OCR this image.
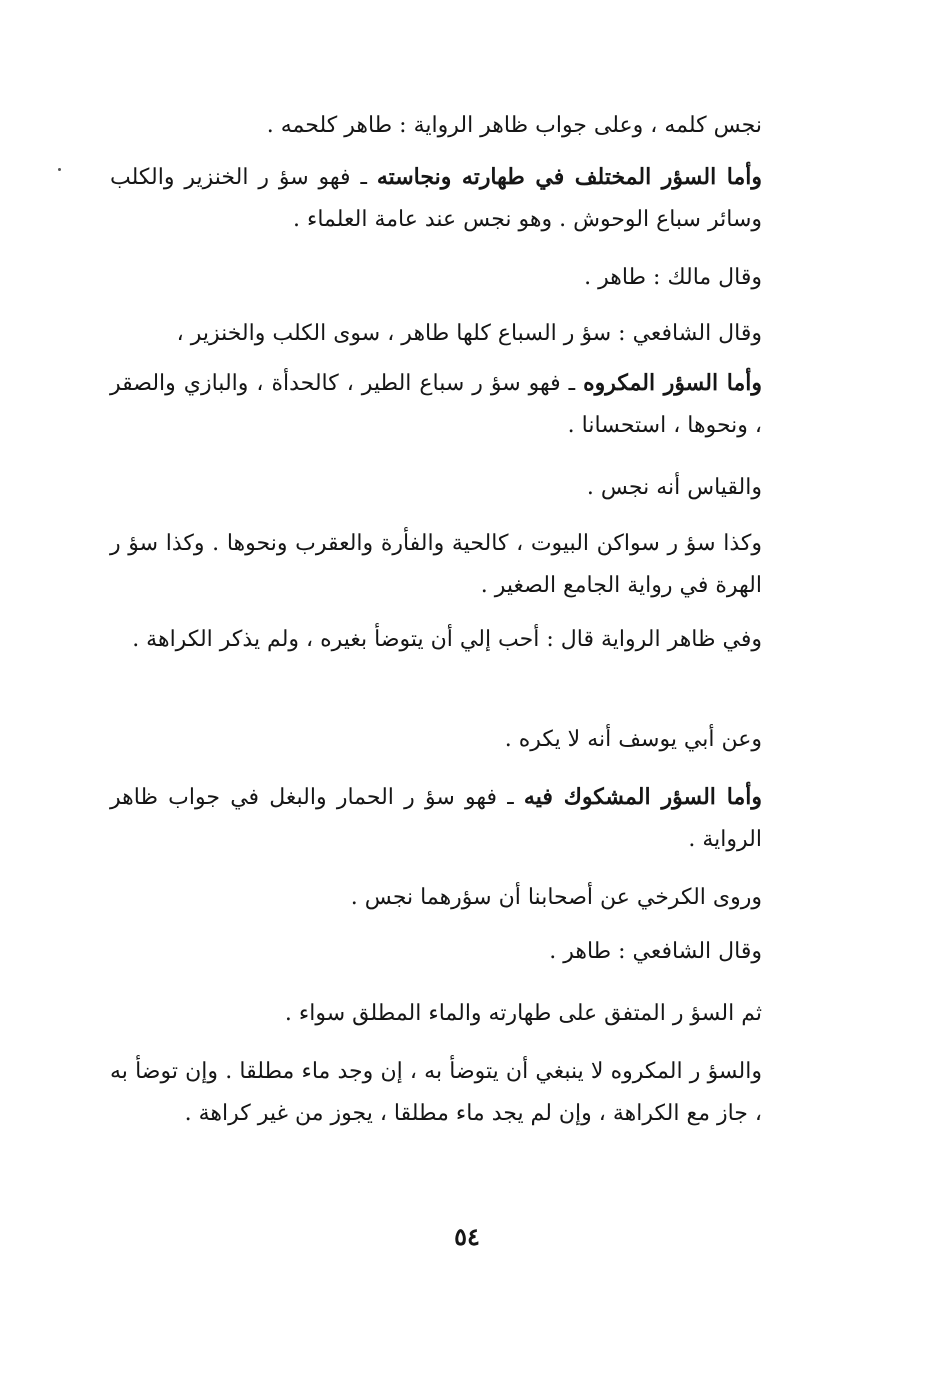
نجس كلمه ، وعلى جواب ظاهر الرواية : طاهر كلحمه .
وأما السؤر المختلف في طهارته ونجاسته ـ فهو سؤ ر الخنزير والكلب وسائر سباع الوحوش . وهو نجس عند عامة العلماء .
وقال مالك : طاهر .
وقال الشافعي : سؤ ر السباع كلها طاهر ، سوى الكلب والخنزير ،
وأما السؤر المكروه ـ فهو سؤ ر سباع الطير ، كالحدأة ، والبازي والصقر ، ونحوها ، استحسانا .
والقياس أنه نجس .
وكذا سؤ ر سواكن البيوت ، كالحية والفأرة والعقرب ونحوها . وكذا سؤ ر الهرة في رواية الجامع الصغير .
وفي ظاهر الرواية قال : أحب إلي أن يتوضأ بغيره ، ولم يذكر الكراهة .
وعن أبي يوسف أنه لا يكره .
وأما السؤر المشكوك فيه ـ فهو سؤ ر الحمار والبغل في جواب ظاهر الرواية .
وروى الكرخي عن أصحابنا أن سؤرهما نجس .
وقال الشافعي : طاهر .
ثم السؤ ر المتفق على طهارته والماء المطلق سواء .
والسؤ ر المكروه لا ينبغي أن يتوضأ به ، إن وجد ماء مطلقا . وإن توضأ به ، جاز مع الكراهة ، وإن لم يجد ماء مطلقا ، يجوز من غير كراهة .
٥٤
